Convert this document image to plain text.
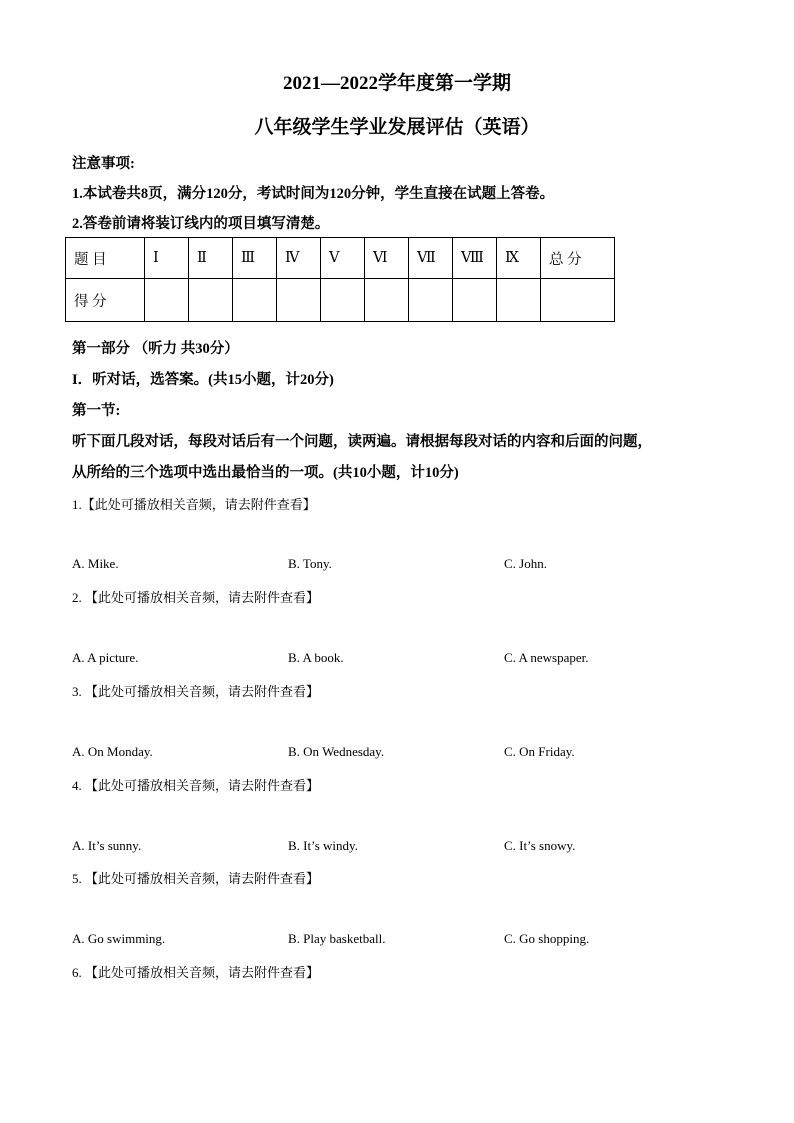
2021—2022学年度第一学期
八年级学生学业发展评估（英语）
注意事项:
1.本试卷共8页，满分120分，考试时间为120分钟，学生直接在试题上答卷。
2.答卷前请将装订线内的项目填写清楚。
题 目	Ⅰ	Ⅱ	Ⅲ	Ⅳ	Ⅴ	Ⅵ	Ⅶ	Ⅷ	Ⅸ	总 分
得 分										
第一部分 （听力 共30分）
I．听对话，选答案。(共15小题，计20分)
第一节:
听下面几段对话，每段对话后有一个问题，读两遍。请根据每段对话的内容和后面的问题，
从所给的三个选项中选出最恰当的一项。(共10小题，计10分)
1.【此处可播放相关音频，请去附件查看】
A. Mike.	B. Tony.	C. John.
2. 【此处可播放相关音频，请去附件查看】
A. A picture.	B. A book.	C. A newspaper.
3. 【此处可播放相关音频，请去附件查看】
A. On Monday.	B. On Wednesday.	C. On Friday.
4. 【此处可播放相关音频，请去附件查看】
A. It’s sunny.	B. It’s windy.	C. It’s snowy.
5. 【此处可播放相关音频，请去附件查看】
A. Go swimming.	B. Play basketball.	C. Go shopping.
6. 【此处可播放相关音频，请去附件查看】
